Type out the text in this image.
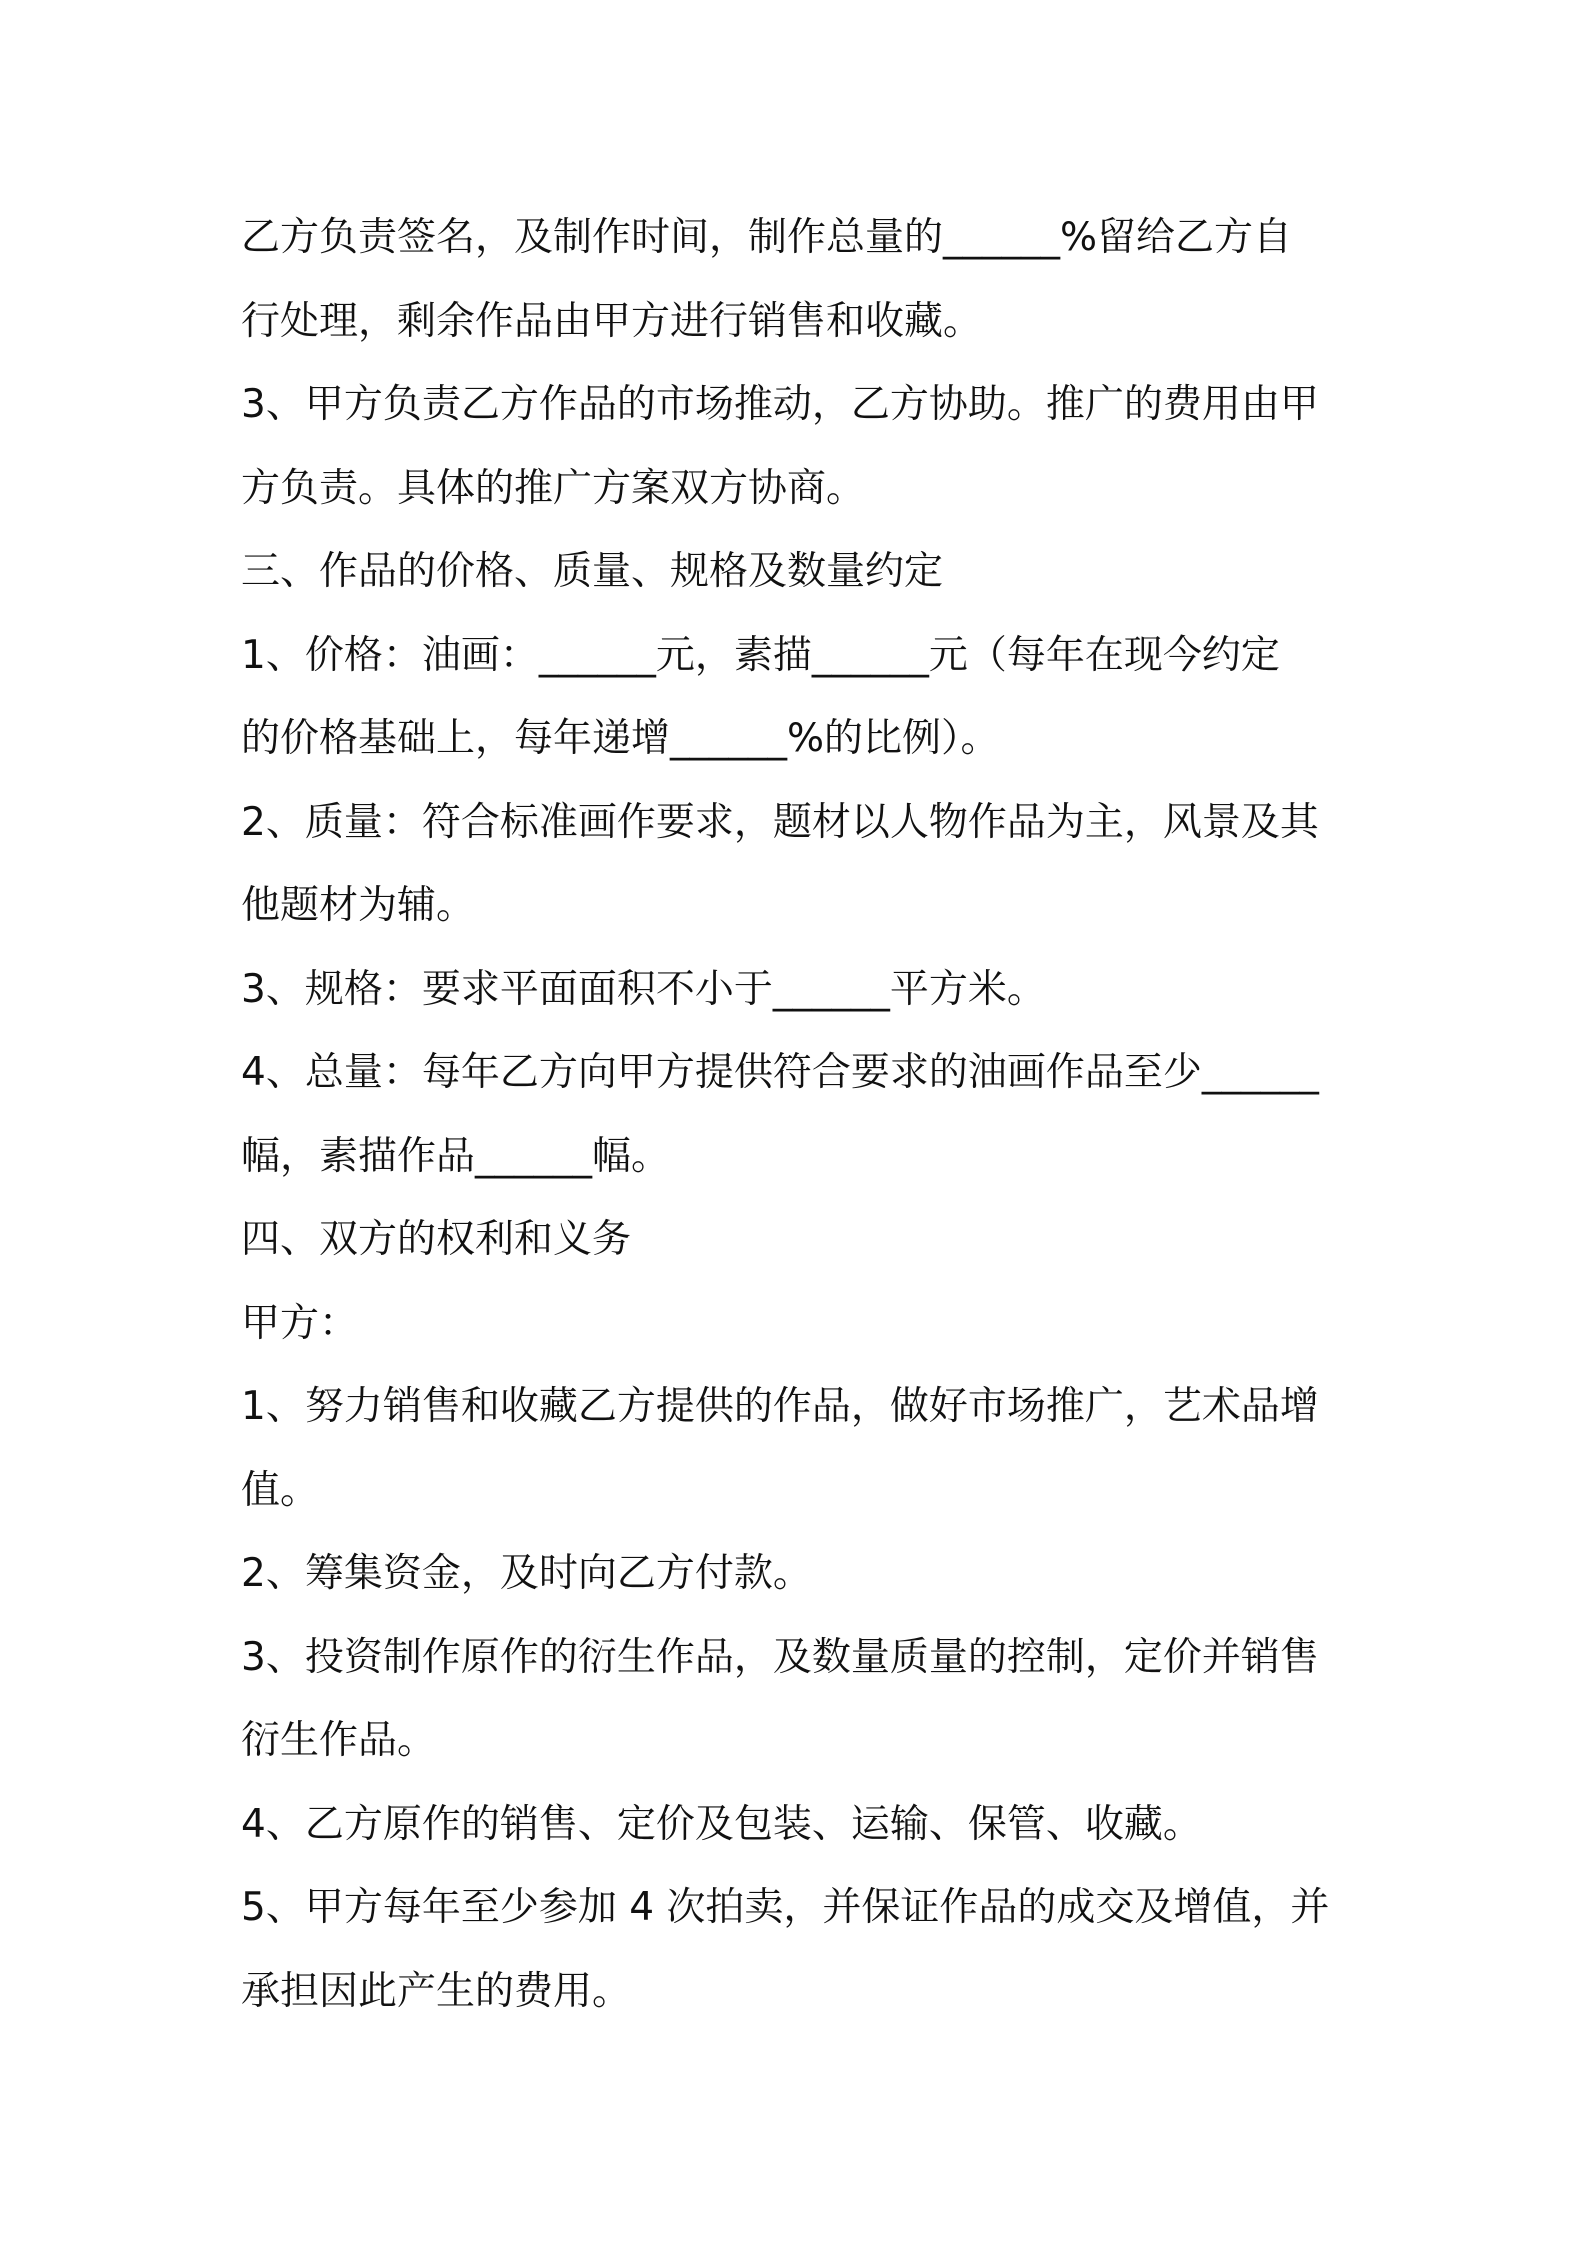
乙方负责签名，及制作时间，制作总量的______%留给乙方自
行处理，剩余作品由甲方进行销售和收藏。
3、甲方负责乙方作品的市场推动，乙方协助。推广的费用由甲
方负责。具体的推广方案双方协商。
三、作品的价格、质量、规格及数量约定
1、价格：油画：______元，素描______元（每年在现今约定
的价格基础上，每年递增______%的比例）。
2、质量：符合标准画作要求，题材以人物作品为主，风景及其
他题材为辅。
3、规格：要求平面面积不小于______平方米。
4、总量：每年乙方向甲方提供符合要求的油画作品至少______
幅，素描作品______幅。
四、双方的权利和义务
甲方：
1、努力销售和收藏乙方提供的作品，做好市场推广，艺术品增
值。
2、筹集资金，及时向乙方付款。
3、投资制作原作的衍生作品，及数量质量的控制，定价并销售
衍生作品。
4、乙方原作的销售、定价及包装、运输、保管、收藏。
5、甲方每年至少参加 4 次拍卖，并保证作品的成交及增值，并
承担因此产生的费用。
